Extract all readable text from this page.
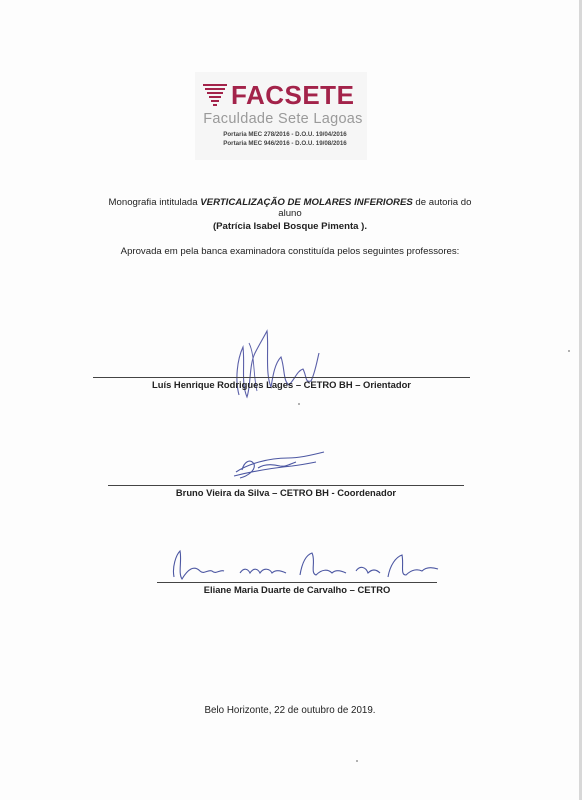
FACSETE
Faculdade Sete Lagoas
Portaria MEC 278/2016 - D.O.U. 19/04/2016
Portaria MEC 946/2016 - D.O.U. 19/08/2016
Monografia intitulada VERTICALIZAÇÃO DE MOLARES INFERIORES de autoria do
aluno
(Patrícia Isabel Bosque Pimenta ).
Aprovada em pela banca examinadora constituída pelos seguintes professores:
Luís Henrique Rodrigues Lages – CETRO BH – Orientador
Bruno Vieira da Silva – CETRO BH - Coordenador
Eliane Maria Duarte de Carvalho – CETRO
Belo Horizonte, 22 de outubro de 2019.
